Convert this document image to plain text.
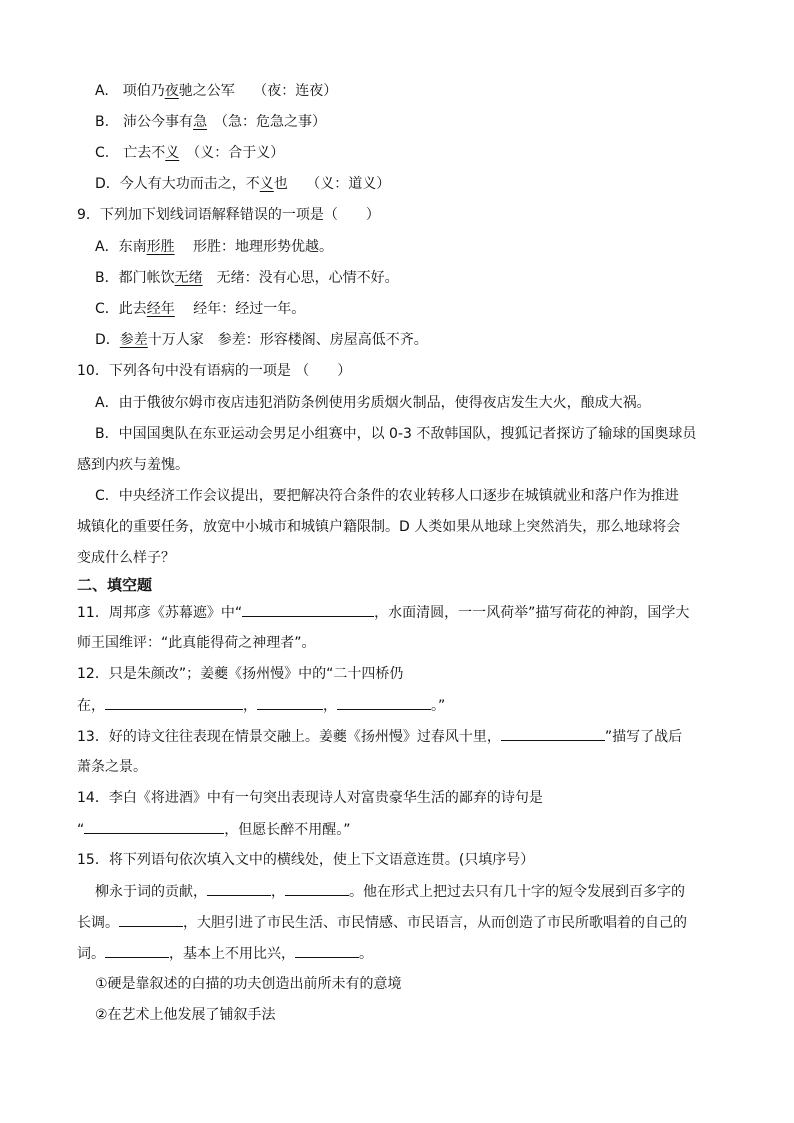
A.　项伯乃夜驰之公军　 （夜：连夜）
B.　沛公今事有急　（急：危急之事）
C.　亡去不义　（义：合于义）
D．今人有大功而击之，不义也　 （义：道义）
9．下列加下划线词语解释错误的一项是（　　）
A．东南形胜　 形胜：地理形势优越。
B．都门帐饮无绪　无绪：没有心思，心情不好。
C．此去经年　 经年：经过一年。
D．参差十万人家　参差：形容楼阁、房屋高低不齐。
10．下列各句中没有语病的一项是 （　　）
A．由于俄彼尔姆市夜店违犯消防条例使用劣质烟火制品，使得夜店发生大火，酿成大祸。
B．中国国奥队在东亚运动会男足小组赛中，以 0-3 不敌韩国队，搜狐记者探访了输球的国奥球员
感到内疚与羞愧。
C．中央经济工作会议提出，要把解决符合条件的农业转移人口逐步在城镇就业和落户作为推进
城镇化的重要任务，放宽中小城市和城镇户籍限制。D 人类如果从地球上突然消失，那么地球将会
变成什么样子？
二、填空题
11．周邦彦《苏幕遮》中“	，水面清圆，一一风荷举”描写荷花的神韵，国学大
师王国维评：“此真能得荷之神理者”。
12．只是朱颜改”；姜夔《扬州慢》中的“二十四桥仍
在，	，	，	。”
13．好的诗文往往表现在情景交融上。姜夔《扬州慢》过春风十里，	”描写了战后
萧条之景。
14．李白《将进酒》中有一句突出表现诗人对富贵豪华生活的鄙弃的诗句是
“	，但愿长醉不用醒。”
15．将下列语句依次填入文中的横线处，使上下文语意连贯。(只填序号）
柳永于词的贡献，	，	。他在形式上把过去只有几十字的短令发展到百多字的
长调。	，大胆引进了市民生活、市民情感、市民语言，从而创造了市民所歌唱着的自己的
词。	，基本上不用比兴，	。
①硬是靠叙述的白描的功夫创造出前所未有的意境
②在艺术上他发展了铺叙手法
